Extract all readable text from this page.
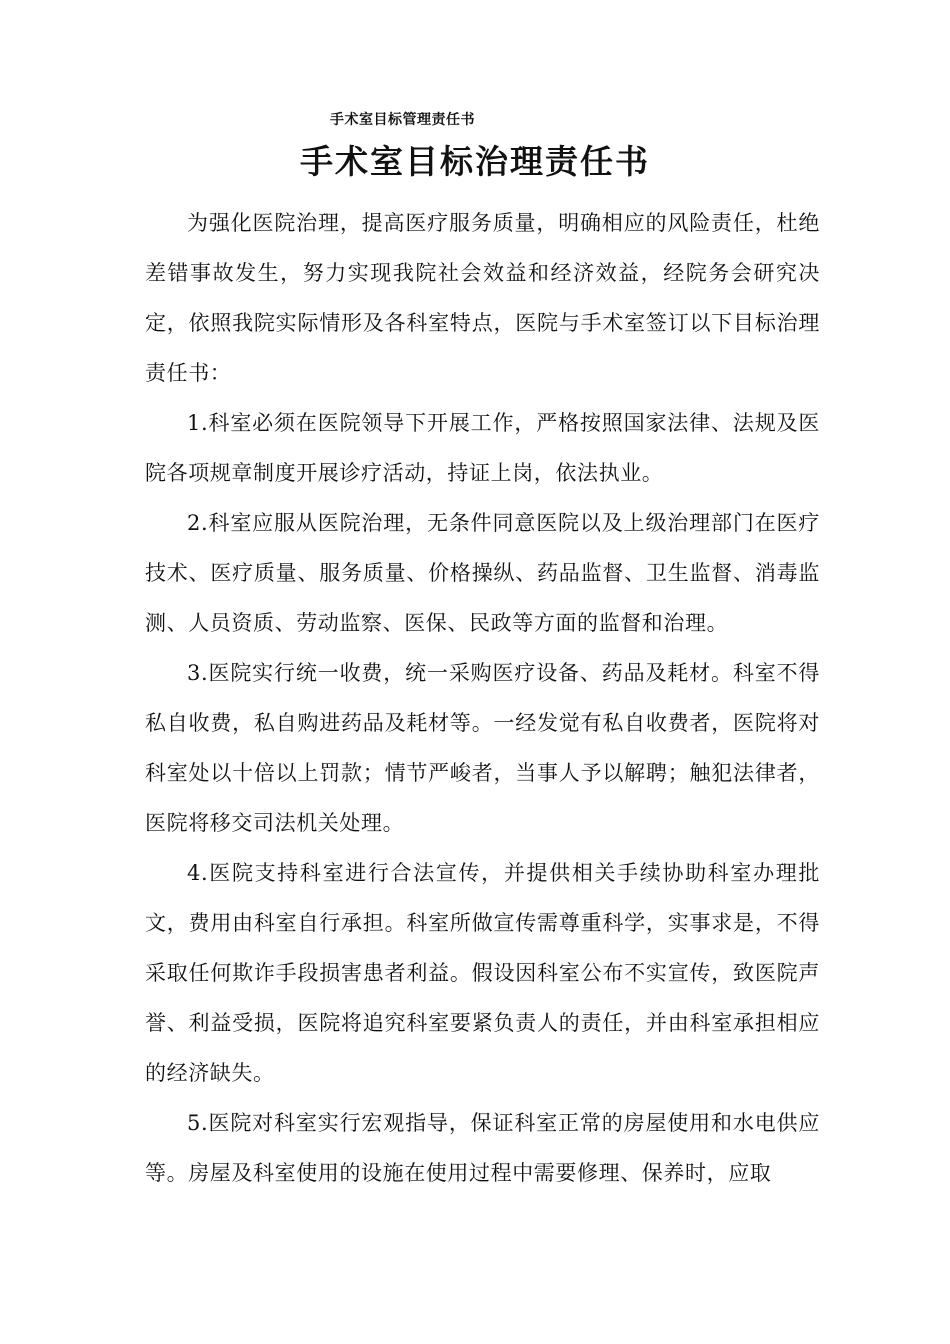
手术室目标管理责任书
手术室目标治理责任书

为强化医院治理，提高医疗服务质量，明确相应的风险责任，杜绝差错事故发生，努力实现我院社会效益和经济效益，经院务会研究决定，依照我院实际情形及各科室特点，医院与手术室签订以下目标治理责任书：

1.科室必须在医院领导下开展工作，严格按照国家法律、法规及医院各项规章制度开展诊疗活动，持证上岗，依法执业。

2.科室应服从医院治理，无条件同意医院以及上级治理部门在医疗技术、医疗质量、服务质量、价格操纵、药品监督、卫生监督、消毒监测、人员资质、劳动监察、医保、民政等方面的监督和治理。

3.医院实行统一收费，统一采购医疗设备、药品及耗材。科室不得私自收费，私自购进药品及耗材等。一经发觉有私自收费者，医院将对科室处以十倍以上罚款；情节严峻者，当事人予以解聘；触犯法律者，医院将移交司法机关处理。

4.医院支持科室进行合法宣传，并提供相关手续协助科室办理批文，费用由科室自行承担。科室所做宣传需尊重科学，实事求是，不得采取任何欺诈手段损害患者利益。假设因科室公布不实宣传，致医院声誉、利益受损，医院将追究科室要紧负责人的责任，并由科室承担相应的经济缺失。

5.医院对科室实行宏观指导，保证科室正常的房屋使用和水电供应等。房屋及科室使用的设施在使用过程中需要修理、保养时，应取
